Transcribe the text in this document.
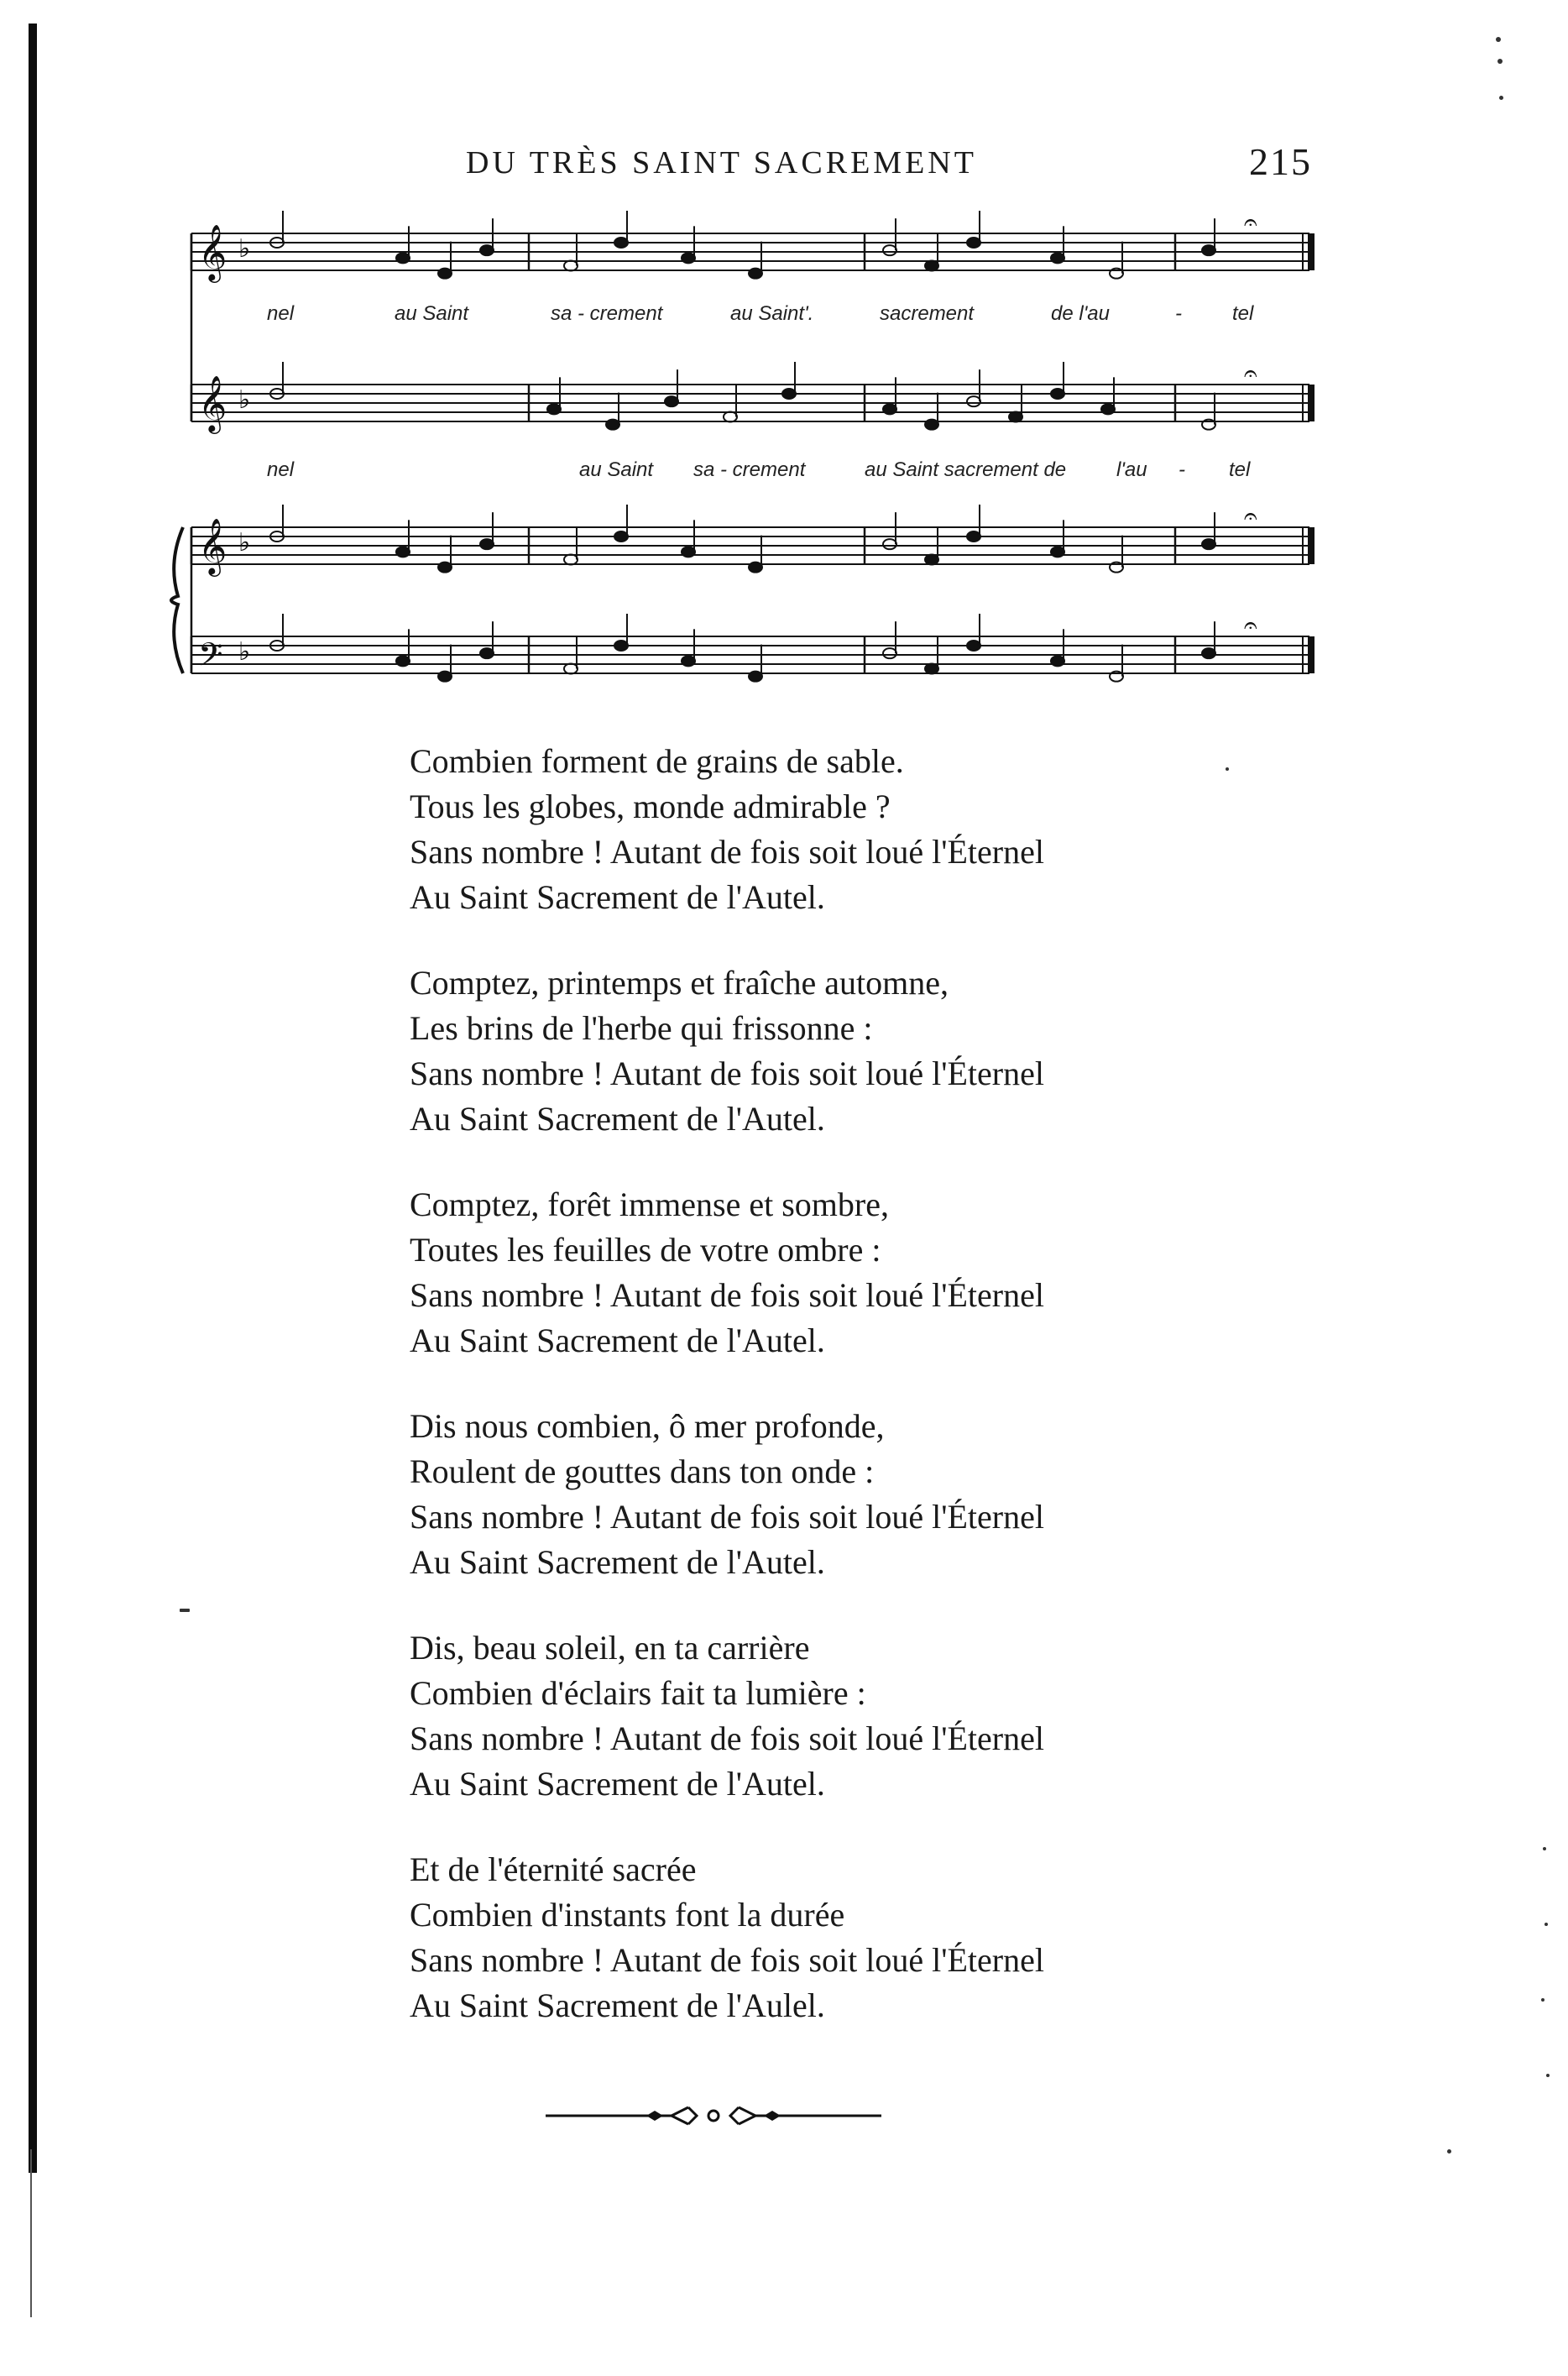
DU TRÈS SAINT SACREMENT	215
𝄞 ♭
𝄐
𝄞 ♭
𝄐
𝄞 ♭
𝄐
𝄢 ♭
𝄐
nel	au Saint	sa - crement	au Saint'.	sacrement	de l'au	-	tel
nel	au Saint sa - crement	au Saint sacrement de l'au - tel
Combien forment de grains de sable.
Tous les globes, monde admirable ?
Sans nombre ! Autant de fois soit loué l'Éternel
Au Saint Sacrement de l'Autel.
Comptez, printemps et fraîche automne,
Les brins de l'herbe qui frissonne :
Sans nombre ! Autant de fois soit loué l'Éternel
Au Saint Sacrement de l'Autel.
Comptez, forêt immense et sombre,
Toutes les feuilles de votre ombre :
Sans nombre ! Autant de fois soit loué l'Éternel
Au Saint Sacrement de l'Autel.
Dis nous combien, ô mer profonde,
Roulent de gouttes dans ton onde :
Sans nombre ! Autant de fois soit loué l'Éternel
Au Saint Sacrement de l'Autel.
Dis, beau soleil, en ta carrière
Combien d'éclairs fait ta lumière :
Sans nombre ! Autant de fois soit loué l'Éternel
Au Saint Sacrement de l'Autel.
Et de l'éternité sacrée
Combien d'instants font la durée
Sans nombre ! Autant de fois soit loué l'Éternel
Au Saint Sacrement de l'Aulel.
